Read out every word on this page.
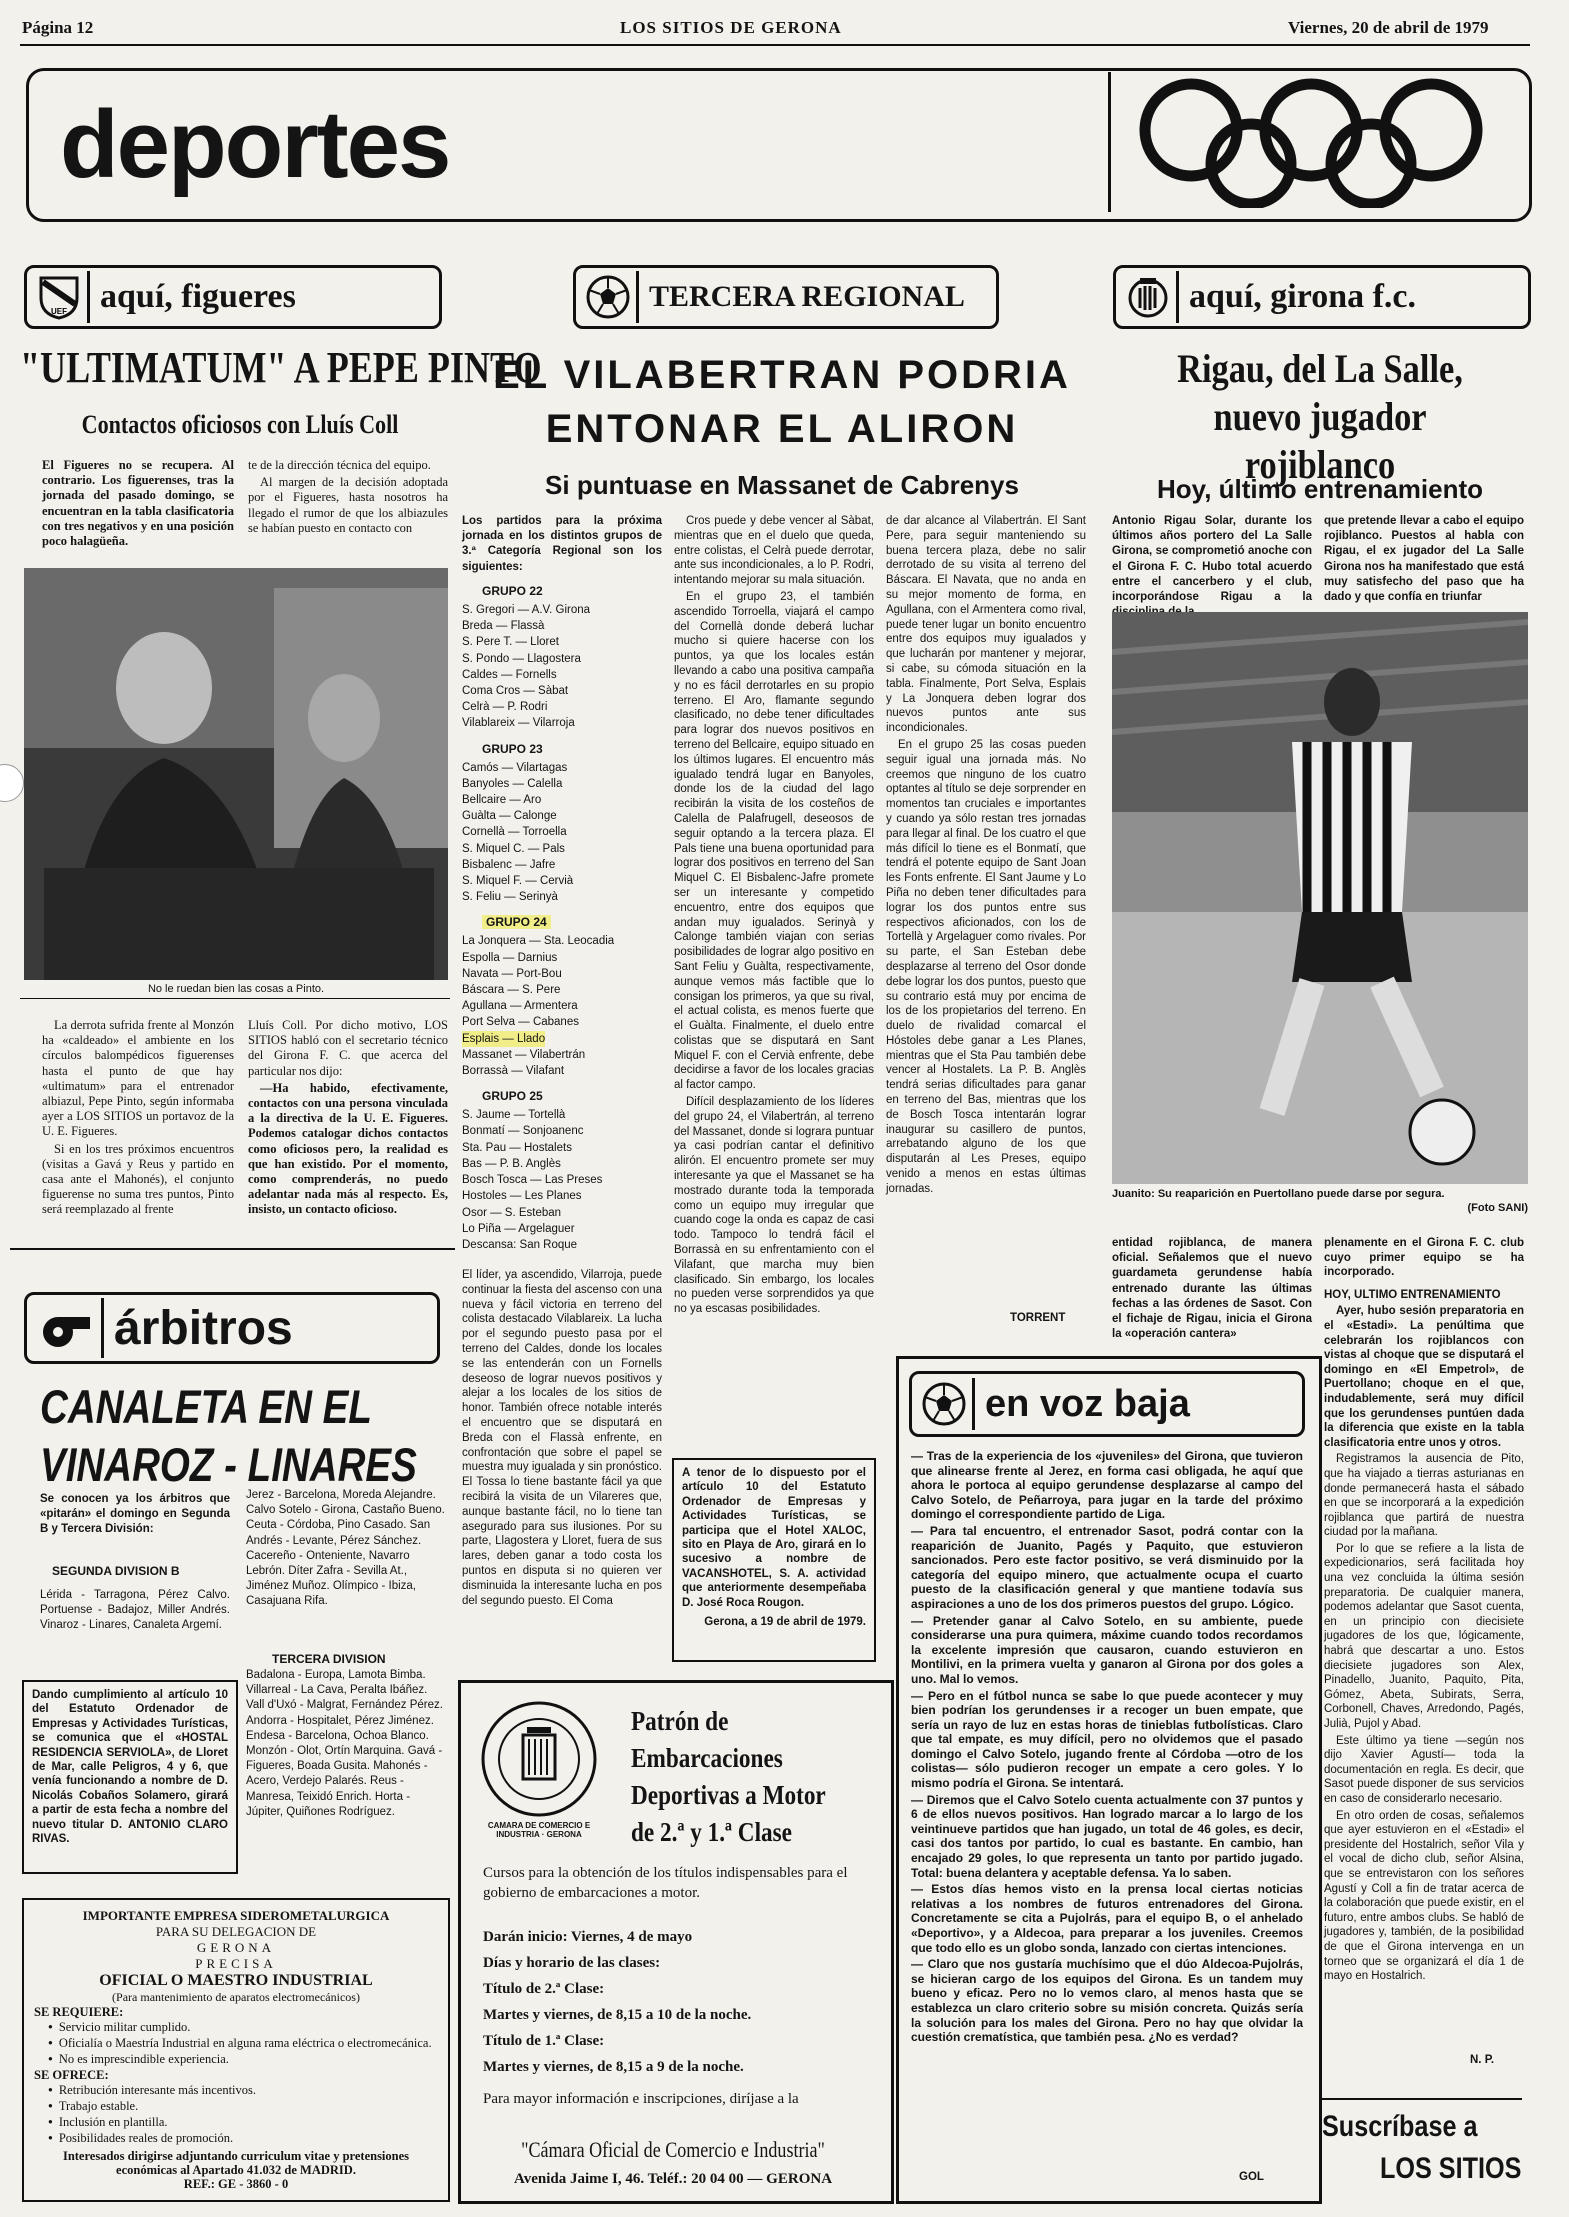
Página 12	LOS SITIOS DE GERONA	Viernes, 20 de abril de 1979
deportes
UEF aquí, figueres	TERCERA REGIONAL	aquí, girona f.c.
"ULTIMATUM" A PEPE PINTO
Contactos oficiosos con Lluís Coll
El Figueres no se recupera. Al contrario. Los figuerenses, tras la jornada del pasado domingo, se encuentran en la tabla clasificatoria con tres negativos y en una posición poco halagüeña.

te de la dirección técnica del equipo.

Al margen de la decisión adoptada por el Figueres, hasta nosotros ha llegado el rumor de que los albiazules se habían puesto en contacto con

No le ruedan bien las cosas a Pinto.

La derrota sufrida frente al Monzón ha «caldeado» el ambiente en los círculos balompédicos figuerenses hasta el punto de que hay «ultimatum» para el entrenador albiazul, Pepe Pinto, según informaba ayer a LOS SITIOS un portavoz de la U. E. Figueres.

Si en los tres próximos encuentros (visitas a Gavá y Reus y partido en casa ante el Mahonés), el conjunto figuerense no suma tres puntos, Pinto será reemplazado al frente

Lluís Coll. Por dicho motivo, LOS SITIOS habló con el secretario técnico del Girona F. C. que acerca del particular nos dijo:

—Ha habido, efectivamente, contactos con una persona vinculada a la directiva de la U. E. Figueres. Podemos catalogar dichos contactos como oficiosos pero, la realidad es que han existido. Por el momento, como comprenderás, no puedo adelantar nada más al respecto. Es, insisto, un contacto oficioso.

árbitros
CANALETA EN EL VINAROZ - LINARES
Se conocen ya los árbitros que «pitarán» el domingo en Segunda B y Tercera División:
SEGUNDA DIVISION B
Lérida - Tarragona, Pérez Calvo. Portuense - Badajoz, Miller Andrés. Vinaroz - Linares, Canaleta Argemí.
Jerez - Barcelona, Moreda Alejandre. Calvo Sotelo - Girona, Castaño Bueno. Ceuta - Córdoba, Pino Casado. San Andrés - Levante, Pérez Sánchez. Cacereño - Onteniente, Navarro Lebrón. Díter Zafra - Sevilla At., Jiménez Muñoz. Olímpico - Ibiza, Casajuana Rifa.
TERCERA DIVISION
Badalona - Europa, Lamota Bimba. Villarreal - La Cava, Peralta Ibáñez. Vall d'Uxó - Malgrat, Fernández Pérez. Andorra - Hospitalet, Pérez Jiménez. Endesa - Barcelona, Ochoa Blanco. Monzón - Olot, Ortín Marquina. Gavá - Figueres, Boada Gusita. Mahonés - Acero, Verdejo Palarés. Reus - Manresa, Teixidó Enrich. Horta - Júpiter, Quiñones Rodríguez.
Dando cumplimiento al artículo 10 del Estatuto Ordenador de Empresas y Actividades Turísticas, se comunica que el «HOSTAL RESIDENCIA SERVIOLA», de Lloret de Mar, calle Peligros, 4 y 6, que venía funcionando a nombre de D. Nicolás Cobaños Solamero, girará a partir de esta fecha a nombre del nuevo titular D. ANTONIO CLARO RIVAS.
IMPORTANTE EMPRESA SIDEROMETALURGICA
PARA SU DELEGACION DE
GERONA
PRECISA
OFICIAL O MAESTRO INDUSTRIAL
(Para mantenimiento de aparatos electromecánicos)
SE REQUIERE:
● Servicio militar cumplido.
● Oficialía o Maestría Industrial en alguna rama eléctrica o electromecánica.
● No es imprescindible experiencia.
SE OFRECE:
● Retribución interesante más incentivos.
● Trabajo estable.
● Inclusión en plantilla.
● Posibilidades reales de promoción.
Interesados dirigirse adjuntando curriculum vitae y pretensiones económicas al Apartado 41.032 de MADRID.
REF.: GE - 3860 - 0
EL VILABERTRAN PODRIA ENTONAR EL ALIRON
Si puntuase en Massanet de Cabrenys
Los partidos para la próxima jornada en los distintos grupos de 3.ª Categoría Regional son los siguientes:
GRUPO 22
S. Gregori — A.V. Girona
Breda — Flassà
S. Pere T. — Lloret
S. Pondo — Llagostera
Caldes — Fornells
Coma Cros — Sàbat
Celrà — P. Rodri
Vilablareix — Vilarroja
GRUPO 23
Camós — Vilartagas
Banyoles — Calella
Bellcaire — Aro
Guàlta — Calonge
Cornellà — Torroella
S. Miquel C. — Pals
Bisbalenc — Jafre
S. Miquel F. — Cervià
S. Feliu — Serinyà
GRUPO 24
La Jonquera — Sta. Leocadia
Espolla — Darnius
Navata — Port-Bou
Báscara — S. Pere
Agullana — Armentera
Port Selva — Cabanes
Esplais — Llado
Massanet — Vilabertrán
Borrassà — Vilafant
GRUPO 25
S. Jaume — Tortellà
Bonmatí — Sonjoanenc
Sta. Pau — Hostalets
Bas — P. B. Anglès
Bosch Tosca — Las Preses
Hostoles — Les Planes
Osor — S. Esteban
Lo Piña — Argelaguer
Descansa: San Roque
El líder, ya ascendido, Vilarroja, puede continuar la fiesta del ascenso con una nueva y fácil victoria en terreno del colista destacado Vilablareix. La lucha por el segundo puesto pasa por el terreno del Caldes, donde los locales se las entenderán con un Fornells deseoso de lograr nuevos positivos y alejar a los locales de los sitios de honor. También ofrece notable interés el encuentro que se disputará en Breda con el Flassà enfrente, en confrontación que sobre el papel se muestra muy igualada y sin pronóstico. El Tossa lo tiene bastante fácil ya que recibirá la visita de un Vilareres que, aunque bastante fácil, no lo tiene tan asegurado para sus ilusiones. Por su parte, Llagostera y Lloret, fuera de sus lares, deben ganar a todo costa los puntos en disputa si no quieren ver disminuida la interesante lucha en pos del segundo puesto. El Coma

Cros puede y debe vencer al Sàbat, mientras que en el duelo que queda, entre colistas, el Celrà puede derrotar, ante sus incondicionales, a lo P. Rodri, intentando mejorar su mala situación.

En el grupo 23, el también ascendido Torroella, viajará el campo del Cornellà donde deberá luchar mucho si quiere hacerse con los puntos, ya que los locales están llevando a cabo una positiva campaña y no es fácil derrotarles en su propio terreno. El Aro, flamante segundo clasificado, no debe tener dificultades para lograr dos nuevos positivos en terreno del Bellcaire, equipo situado en los últimos lugares. El encuentro más igualado tendrá lugar en Banyoles, donde los de la ciudad del lago recibirán la visita de los costeños de Calella de Palafrugell, deseosos de seguir optando a la tercera plaza. El Pals tiene una buena oportunidad para lograr dos positivos en terreno del San Miquel C. El Bisbalenc-Jafre promete ser un interesante y competido encuentro, entre dos equipos que andan muy igualados. Serinyà y Calonge también viajan con serias posibilidades de lograr algo positivo en Sant Feliu y Guàlta, respectivamente, aunque vemos más factible que lo consigan los primeros, ya que su rival, el actual colista, es menos fuerte que el Guàlta. Finalmente, el duelo entre colistas que se disputará en Sant Miquel F. con el Cervià enfrente, debe decidirse a favor de los locales gracias al factor campo.

Difícil desplazamiento de los líderes del grupo 24, el Vilabertrán, al terreno del Massanet, donde si lograra puntuar ya casi podrían cantar el definitivo alirón. El encuentro promete ser muy interesante ya que el Massanet se ha mostrado durante toda la temporada como un equipo muy irregular que cuando coge la onda es capaz de casi todo. Tampoco lo tendrá fácil el Borrassà en su enfrentamiento con el Vilafant, que marcha muy bien clasificado. Sin embargo, los locales no pueden verse sorprendidos ya que no ya escasas posibilidades.

de dar alcance al Vilabertrán. El Sant Pere, para seguir manteniendo su buena tercera plaza, debe no salir derrotado de su visita al terreno del Báscara. El Navata, que no anda en su mejor momento de forma, en Agullana, con el Armentera como rival, puede tener lugar un bonito encuentro entre dos equipos muy igualados y que lucharán por mantener y mejorar, si cabe, su cómoda situación en la tabla. Finalmente, Port Selva, Esplais y La Jonquera deben lograr dos nuevos puntos ante sus incondicionales.

En el grupo 25 las cosas pueden seguir igual una jornada más. No creemos que ninguno de los cuatro optantes al título se deje sorprender en momentos tan cruciales e importantes y cuando ya sólo restan tres jornadas para llegar al final. De los cuatro el que más difícil lo tiene es el Bonmatí, que tendrá el potente equipo de Sant Joan les Fonts enfrente. El Sant Jaume y Lo Piña no deben tener dificultades para lograr los dos puntos entre sus respectivos aficionados, con los de Tortellà y Argelaguer como rivales. Por su parte, el San Esteban debe desplazarse al terreno del Osor donde debe lograr los dos puntos, puesto que su contrario está muy por encima de los de los propietarios del terreno. En duelo de rivalidad comarcal el Hóstoles debe ganar a Les Planes, mientras que el Sta Pau también debe vencer al Hostalets. La P. B. Anglès tendrá serias dificultades para ganar en terreno del Bas, mientras que los de Bosch Tosca intentarán lograr inaugurar su casillero de puntos, arrebatando alguno de los que disputarán al Les Preses, equipo venido a menos en estas últimas jornadas.

TORRENT
A tenor de lo dispuesto por el artículo 10 del Estatuto Ordenador de Empresas y Actividades Turísticas, se participa que el Hotel XALOC, sito en Playa de Aro, girará en lo sucesivo a nombre de VACANSHOTEL, S. A. actividad que anteriormente desempeñaba D. José Roca Rougon.
Gerona, a 19 de abril de 1979.
CAMARA DE COMERCIO E INDUSTRIA · GERONA
Patrón de Embarcaciones Deportivas a Motor de 2.ª y 1.ª Clase
Cursos para la obtención de los títulos indispensables para el gobierno de embarcaciones a motor.
Darán inicio: Viernes, 4 de mayo
Días y horario de las clases:
Título de 2.ª Clase:
Martes y viernes, de 8,15 a 10 de la noche.
Título de 1.ª Clase:
Martes y viernes, de 8,15 a 9 de la noche.
Para mayor información e inscripciones, diríjase a la
"Cámara Oficial de Comercio e Industria"
Avenida Jaime I, 46. Teléf.: 20 04 00 — GERONA
Rigau, del La Salle, nuevo jugador rojiblanco
Hoy, último entrenamiento
Antonio Rigau Solar, durante los últimos años portero del La Salle Girona, se comprometió anoche con el Girona F. C. Hubo total acuerdo entre el cancerbero y el club, incorporándose Rigau a la
que pretende llevar a cabo el equipo rojiblanco. Puestos al habla con Rigau, el ex jugador del La Salle Girona nos ha manifestado que está muy satisfecho del paso que ha dado y que confía en triunfar
Juanito: Su reaparición en Puertollano puede darse por segura.
(Foto SANI)
entidad rojiblanca, de manera oficial. Señalemos que el nuevo guardameta gerundense había entrenado durante las últimas fechas a las órdenes de Sasot. Con el fichaje de Rigau, inicia el Girona la «operación cantera»

plenamente en el Girona F. C. club cuyo primer equipo se ha incorporado.

HOY, ULTIMO ENTRENAMIENTO

Ayer, hubo sesión preparatoria en el «Estadi». La penúltima que celebrarán los rojiblancos con vistas al choque que se disputará el domingo en «El Empetrol», de Puertollano; choque en el que, indudablemente, será muy difícil que los gerundenses puntúen dada la diferencia que existe en la tabla clasificatoria entre unos y otros.

Registramos la ausencia de Pito, que ha viajado a tierras asturianas en donde permanecerá hasta el sábado en que se incorporará a la expedición rojiblanca que partirá de nuestra ciudad por la mañana.

Por lo que se refiere a la lista de expedicionarios, será facilitada hoy una vez concluida la última sesión preparatoria. De cualquier manera, podemos adelantar que Sasot cuenta, en un principio con diecisiete jugadores de los que, lógicamente, habrá que descartar a uno. Estos diecisiete jugadores son Alex, Pinadello, Juanito, Paquito, Pita, Gómez, Abeta, Subirats, Serra, Corbonell, Chaves, Arredondo, Pagés, Julià, Pujol y Abad.

Este último ya tiene —según nos dijo Xavier Agustí— toda la documentación en regla. Es decir, que Sasot puede disponer de sus servicios en caso de considerarlo necesario.

En otro orden de cosas, señalemos que ayer estuvieron en el «Estadi» el presidente del Hostalrich, señor Vila y el vocal de dicho club, señor Alsina, que se entrevistaron con los señores Agustí y Coll a fin de tratar acerca de la colaboración que puede existir, en el futuro, entre ambos clubs. Se habló de jugadores y, también, de la posibilidad de que el Girona intervenga en un torneo que se organizará el día 1 de mayo en Hostalrich.

N. P.
en voz baja

— Tras de la experiencia de los «juveniles» del Girona, que tuvieron que alinearse frente al Jerez, en forma casi obligada, he aquí que ahora le portoca al equipo gerundense desplazarse al campo del Calvo Sotelo, de Peñarroya, para jugar en la tarde del próximo domingo el correspondiente partido de Liga.

— Para tal encuentro, el entrenador Sasot, podrá contar con la reaparición de Juanito, Pagés y Paquito, que estuvieron sancionados. Pero este factor positivo, se verá disminuido por la categoría del equipo minero, que actualmente ocupa el cuarto puesto de la clasificación general y que mantiene todavía sus aspiraciones a uno de los dos primeros puestos del grupo. Lógico.

— Pretender ganar al Calvo Sotelo, en su ambiente, puede considerarse una pura quimera, máxime cuando todos recordamos la excelente impresión que causaron, cuando estuvieron en Montilivi, en la primera vuelta y ganaron al Girona por dos goles a uno. Mal lo vemos.

— Pero en el fútbol nunca se sabe lo que puede acontecer y muy bien podrían los gerundenses ir a recoger un buen empate, que sería un rayo de luz en estas horas de tinieblas futbolísticas. Claro que tal empate, es muy difícil, pero no olvidemos que el pasado domingo el Calvo Sotelo, jugando frente al Córdoba —otro de los colistas— sólo pudieron recoger un empate a cero goles. Y lo mismo podría el Girona. Se intentará.

— Diremos que el Calvo Sotelo cuenta actualmente con 37 puntos y 6 de ellos nuevos positivos. Han logrado marcar a lo largo de los veintinueve partidos que han jugado, un total de 46 goles, es decir, casi dos tantos por partido, lo cual es bastante. En cambio, han encajado 29 goles, lo que representa un tanto por partido jugado. Total: buena delantera y aceptable defensa. Ya lo saben.

— Estos días hemos visto en la prensa local ciertas noticias relativas a los nombres de futuros entrenadores del Girona. Concretamente se cita a Pujolrás, para el equipo B, o el anhelado «Deportivo», y a Aldecoa, para preparar a los juveniles. Creemos que todo ello es un globo sonda, lanzado con ciertas intenciones.

— Claro que nos gustaría muchísimo que el dúo Aldecoa-Pujolrás, se hicieran cargo de los equipos del Girona. Es un tandem muy bueno y eficaz. Pero no lo vemos claro, al menos hasta que se establezca un claro criterio sobre su misión concreta. Quizás sería la solución para los males del Girona. Pero no hay que olvidar la cuestión crematística, que también pesa. ¿No es verdad?

GOL
Suscríbase a
LOS SITIOS
